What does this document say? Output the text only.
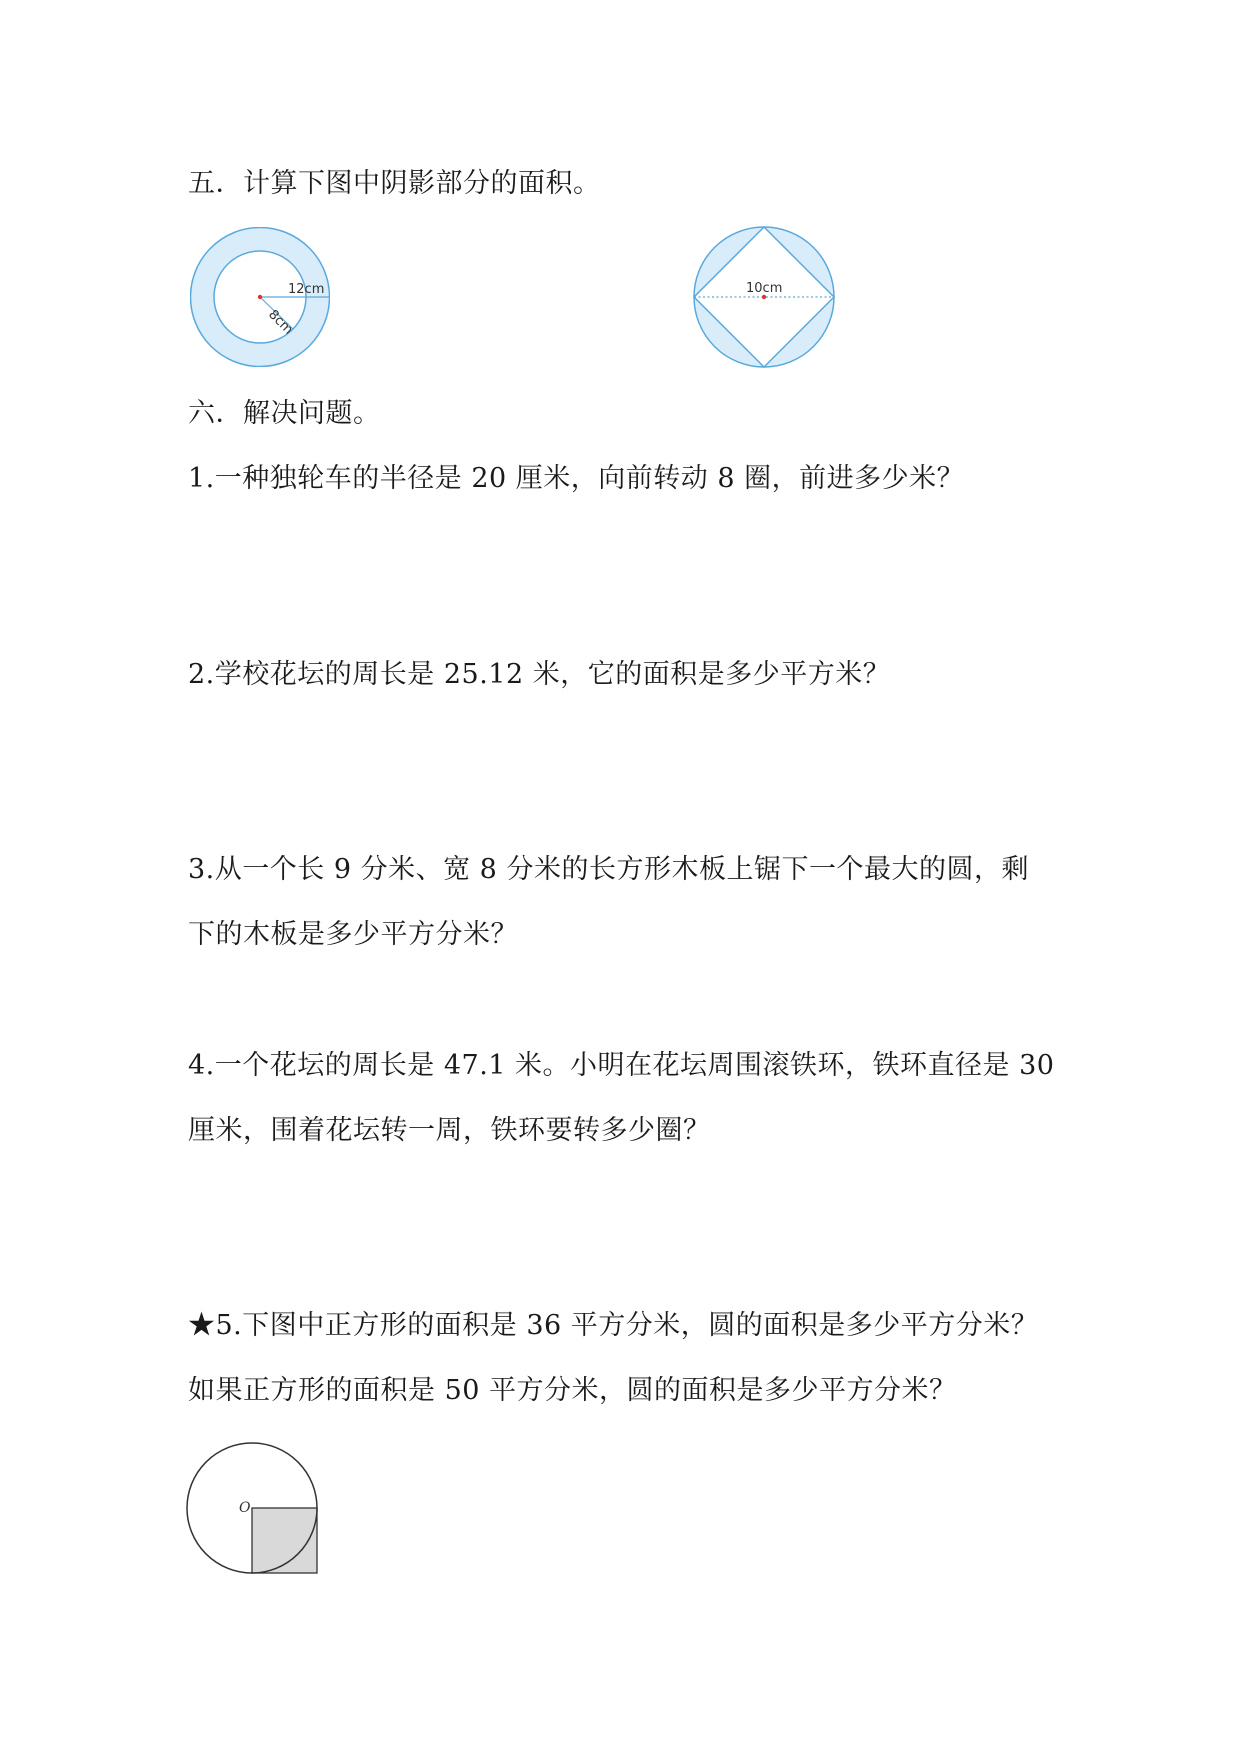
五．计算下图中阴影部分的面积。
12cm
8cm
10cm
六．解决问题。
1.一种独轮车的半径是 20 厘米，向前转动 8 圈，前进多少米？
2.学校花坛的周长是 25.12 米，它的面积是多少平方米？
3.从一个长 9 分米、宽 8 分米的长方形木板上锯下一个最大的圆，剩
下的木板是多少平方分米？
4.一个花坛的周长是 47.1 米。小明在花坛周围滚铁环，铁环直径是 30
厘米，围着花坛转一周，铁环要转多少圈？
★5.下图中正方形的面积是 36 平方分米，圆的面积是多少平方分米？
如果正方形的面积是 50 平方分米，圆的面积是多少平方分米？
O
